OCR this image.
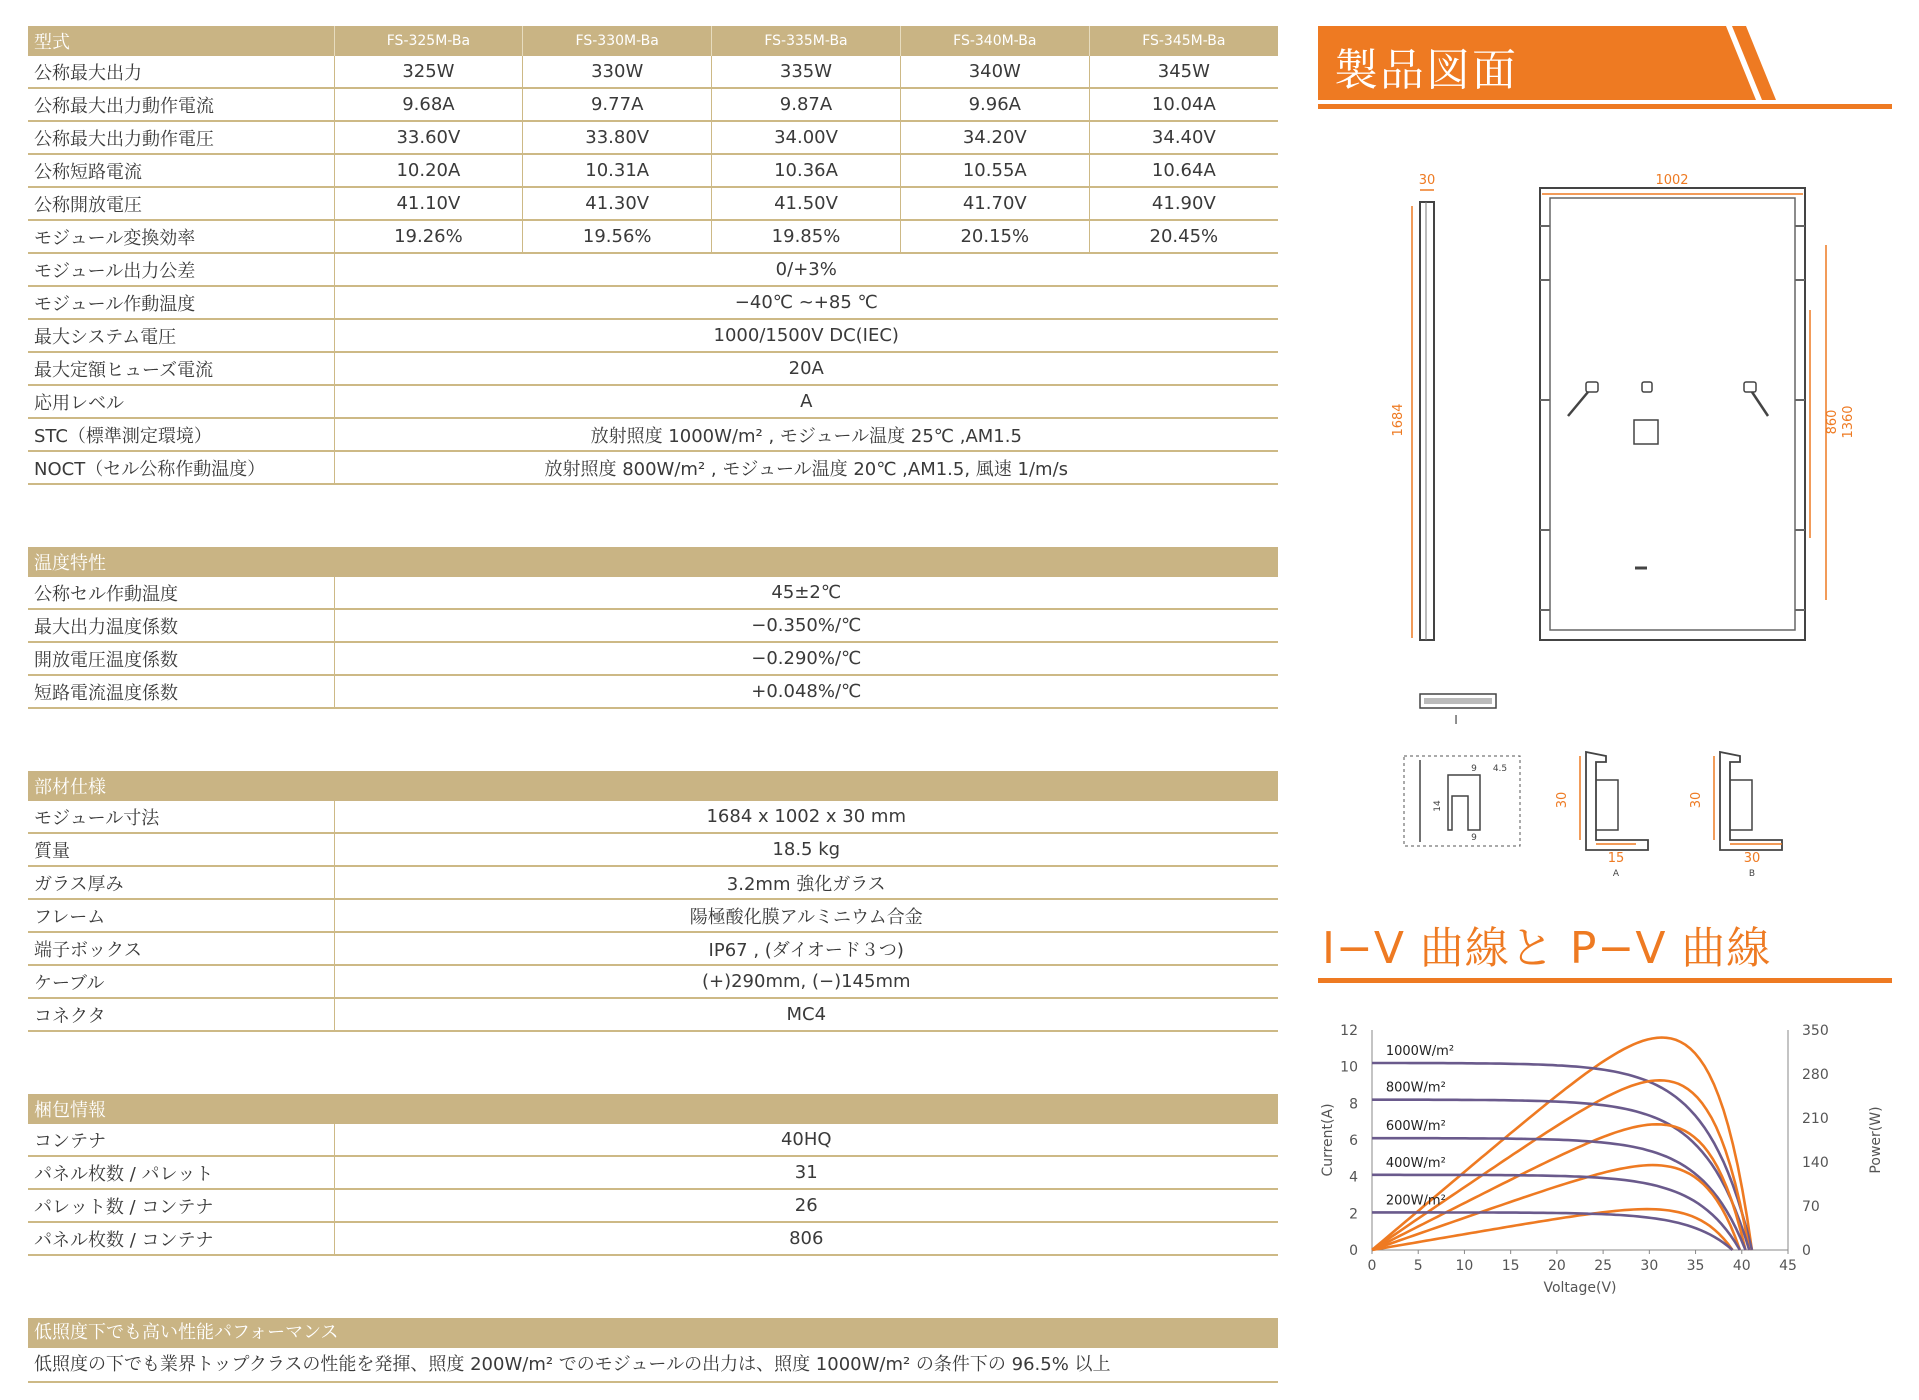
型式	FS-325M-Ba	FS-330M-Ba	FS-335M-Ba	FS-340M-Ba	FS-345M-Ba
公称最大出力	325W	330W	335W	340W	345W
公称最大出力動作電流	9.68A	9.77A	9.87A	9.96A	10.04A
公称最大出力動作電圧	33.60V	33.80V	34.00V	34.20V	34.40V
公称短路電流	10.20A	10.31A	10.36A	10.55A	10.64A
公称開放電圧	41.10V	41.30V	41.50V	41.70V	41.90V
モジュール変換効率	19.26%	19.56%	19.85%	20.15%	20.45%
モジュール出力公差	0/+3%				
モジュール作動温度	−40℃ ~+85 ℃				
最大システム電圧	1000/1500V DC(IEC)				
最大定額ヒューズ電流	20A				
応用レベル	A				
STC（標準測定環境）	放射照度 1000W/m² , モジュール温度 25℃ ,AM1.5				
NOCT（セル公称作動温度）	放射照度 800W/m² , モジュール温度 20℃ ,AM1.5, 風速 1/m/s				
温度特性	
公称セル作動温度	45±2℃
最大出力温度係数	−0.350%/℃
開放電圧温度係数	−0.290%/℃
短路電流温度係数	+0.048%/℃
部材仕様	
モジュール寸法	1684 x 1002 x 30 mm
質量	18.5 kg
ガラス厚み	3.2mm 強化ガラス
フレーム	陽極酸化膜アルミニウム合金
端子ボックス	IP67 , (ダイオード３つ)
ケーブル	(+)290mm, (−)145mm
コネクタ	MC4
梱包情報	
コンテナ	40HQ
パネル枚数 / パレット	31
パレット数 / コンテナ	26
パネル枚数 / コンテナ	806
低照度下でも高い性能パフォーマンス
低照度の下でも業界トップクラスの性能を発揮、照度 200W/m² でのモジュールの出力は、照度 1000W/m² の条件下の 96.5% 以上
製品図面
30
1684
1002
860 1360
I
9 4.5
14
9
30
15
A
30
30
B
I−V 曲線と P−V 曲線
1000W/m²
800W/m²
600W/m²
400W/m²
200W/m²
0	5 10 15 20 25 30 35 40 45
0
2
4
6
8
10
12
0
70
140
210
280
350
Voltage(V)
Current(A)	Power(W)
